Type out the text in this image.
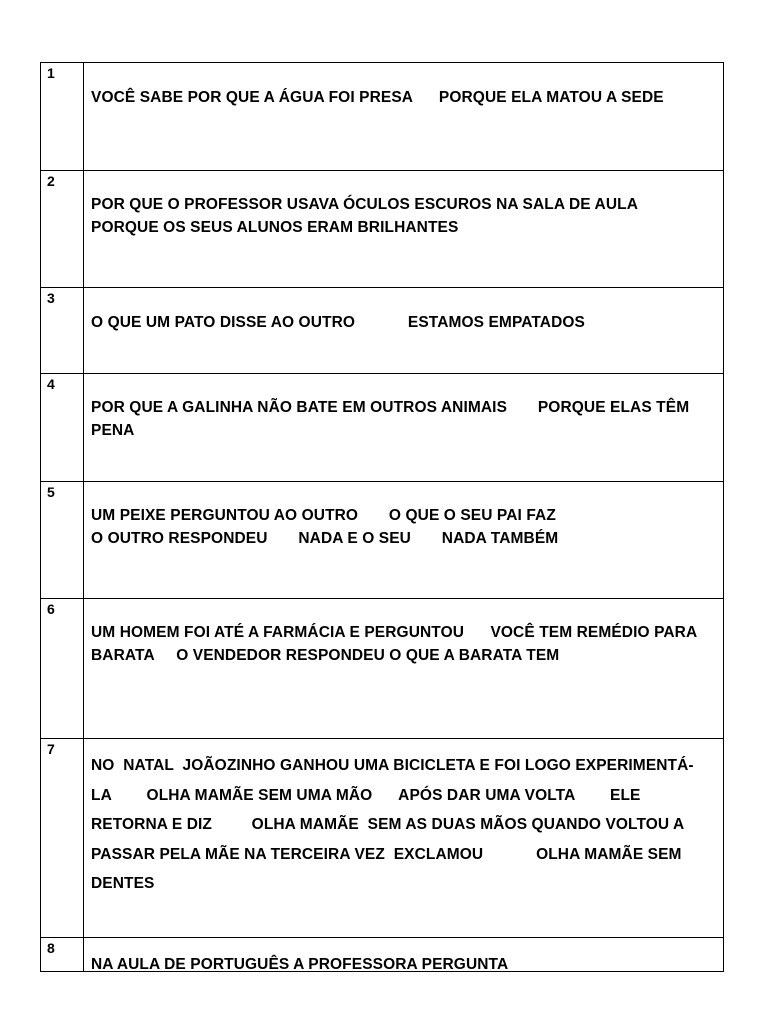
1
VOCÊ SABE POR QUE A ÁGUA FOI PRESA      PORQUE ELA MATOU A SEDE
2
POR QUE O PROFESSOR USAVA ÓCULOS ESCUROS NA SALA DE AULA       PORQUE OS SEUS ALUNOS ERAM BRILHANTES
3
O QUE UM PATO DISSE AO OUTRO            ESTAMOS EMPATADOS
4
POR QUE A GALINHA NÃO BATE EM OUTROS ANIMAIS       PORQUE ELAS TÊM PENA
5
UM PEIXE PERGUNTOU AO OUTRO       O QUE O SEU PAI FAZ
O OUTRO RESPONDEU       NADA E O SEU       NADA TAMBÉM
6
UM HOMEM FOI ATÉ A FARMÁCIA E PERGUNTOU      VOCÊ TEM REMÉDIO PARA BARATA     O VENDEDOR RESPONDEU O QUE A BARATA TEM
7
NO  NATAL  JOÃOZINHO GANHOU UMA BICICLETA E FOI LOGO EXPERIMENTÁ-LA        OLHA MAMÃE SEM UMA MÃO      APÓS DAR UMA VOLTA        ELE RETORNA E DIZ         OLHA MAMÃE  SEM AS DUAS MÃOS QUANDO VOLTOU A PASSAR PELA MÃE NA TERCEIRA VEZ  EXCLAMOU            OLHA MAMÃE SEM DENTES
8
NA AULA DE PORTUGUÊS A PROFESSORA PERGUNTA
